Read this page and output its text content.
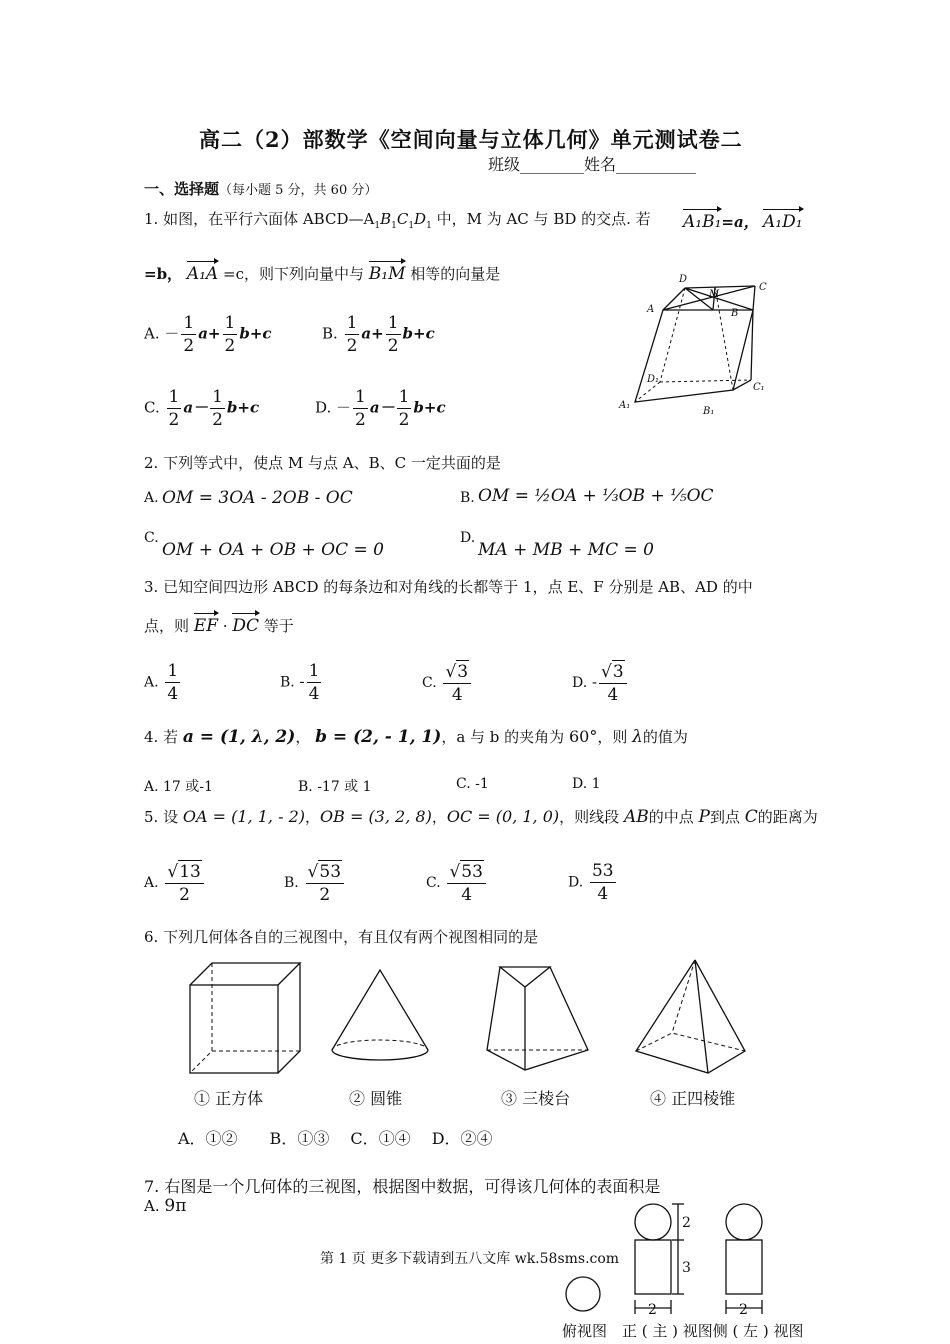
高二（2）部数学《空间向量与立体几何》单元测试卷二
班级________姓名__________
一、选择题（每小题 5 分，共 60 分）
1. 如图，在平行六面体 $ABCD—A_1B_1C_1D_1$ 中，M 为 AC 与 BD 的交点. 若 A₁B₁=a， A₁D₁
=b， A₁A =c，则下列向量中与 B₁M 相等的向量是
A. － $\frac{1}{2} a+ \frac{1}{2} b+c$	B. $\frac{1}{2} a+ \frac{1}{2} b+c$
C. $\frac{1}{2} a- \frac{1}{2} b+c$	D. － $\frac{1}{2} a- \frac{1}{2} b+c$
D
M
C
A	B
D₁
C₁
A₁
B₁
2. 下列等式中，使点 M 与点 A、B、C 一定共面的是
A. OM = 3OA - 2OB - OC	B. OM = ½OA + ⅓OB + ⅕OC
C.
OM + OA + OB + OC = 0
D.
MA + MB + MC = 0
3. 已知空间四边形 ABCD 的每条边和对角线的长都等于 1，点 E、F 分别是 AB、AD 的中
点，则 EF · DC 等于
A. $\frac{1}{4}$	B. - $\frac{1}{4}$	C. $\frac{√3}{4}$	D. - $\frac{√3}{4}$
4. 若 a = (1, λ, 2)， b = (2, - 1, 1)，a 与 b 的夹角为 60°，则 λ的值为
A. 17 或-1	B. -17 或 1	C. -1	D. 1
5. 设 OA = (1, 1, - 2)，OB = (3, 2, 8)，OC = (0, 1, 0)，则线段 AB的中点 P到点 C的距离为
A. $\frac{√13}{2}$	B. $\frac{√53}{2}$	C. $\frac{√53}{4}$	D. $\frac{53}{4}$
6. 下列几何体各自的三视图中，有且仅有两个视图相同的是
① 正方体	② 圆锥	③ 三棱台	④ 正四棱锥
A．①②　　B．①③　 C．①④　 D．②④
7. 右图是一个几何体的三视图，根据图中数据，可得该几何体的表面积是
A. 9π
2
3
2	2
第 1 页 更多下载请到五八文库 wk.58sms.com
俯视图　正 ( 主 ) 视图侧 ( 左 ) 视图
